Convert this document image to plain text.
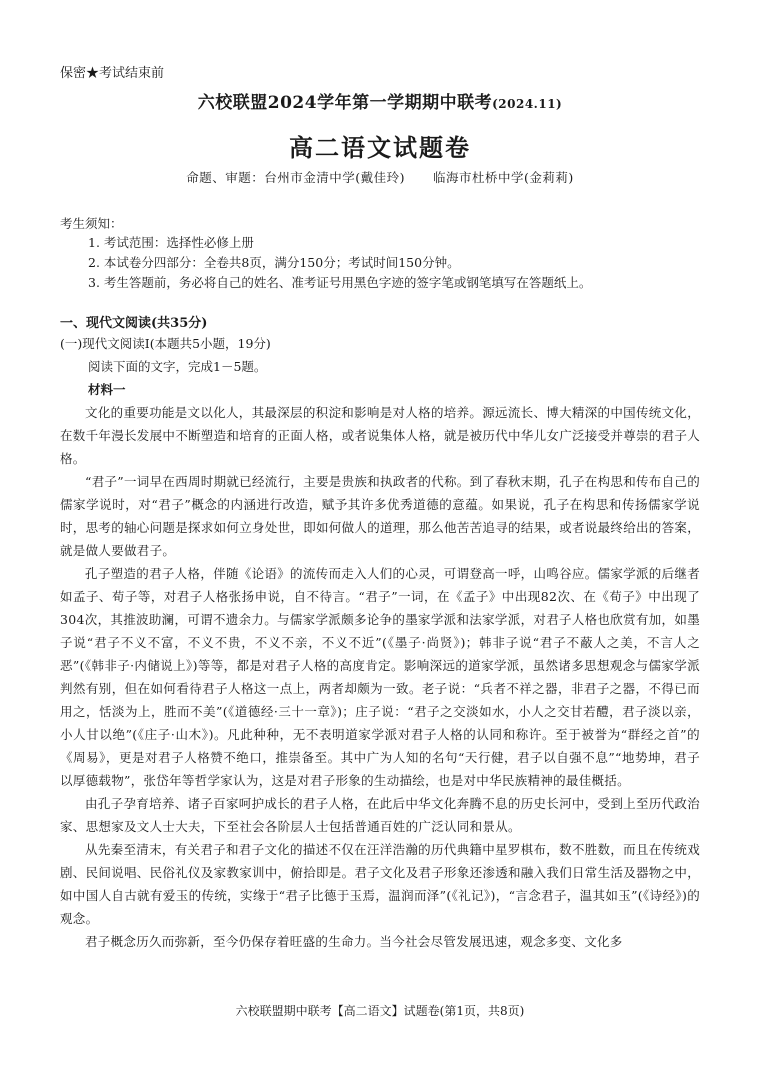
保密★考试结束前
六校联盟2024学年第一学期期中联考(2024.11)
高二语文试题卷
命题、审题：台州市金清中学(戴佳玲) 临海市杜桥中学(金莉莉)
考生须知：
1. 考试范围：选择性必修上册
2. 本试卷分四部分：全卷共8页，满分150分；考试时间150分钟。
3. 考生答题前，务必将自己的姓名、准考证号用黑色字迹的签字笔或钢笔填写在答题纸上。
一、现代文阅读(共35分)
(一)现代文阅读Ⅰ(本题共5小题，19分)
阅读下面的文字，完成1－5题。
材料一

文化的重要功能是文以化人，其最深层的积淀和影响是对人格的培养。源远流长、博大精深的中国传统文化，在数千年漫长发展中不断塑造和培育的正面人格，或者说集体人格，就是被历代中华儿女广泛接受并尊崇的君子人格。

“君子”一词早在西周时期就已经流行，主要是贵族和执政者的代称。到了春秋末期，孔子在构思和传布自己的儒家学说时，对“君子”概念的内涵进行改造，赋予其许多优秀道德的意蕴。如果说，孔子在构思和传扬儒家学说时，思考的轴心问题是探求如何立身处世，即如何做人的道理，那么他苦苦追寻的结果，或者说最终给出的答案，就是做人要做君子。

孔子塑造的君子人格，伴随《论语》的流传而走入人们的心灵，可谓登高一呼，山鸣谷应。儒家学派的后继者如孟子、荀子等，对君子人格张扬申说，自不待言。“君子”一词，在《孟子》中出现82次、在《荀子》中出现了304次，其推波助澜，可谓不遗余力。与儒家学派颇多论争的墨家学派和法家学派，对君子人格也欣赏有加，如墨子说“君子不义不富，不义不贵，不义不亲，不义不近”(《墨子·尚贤》)；韩非子说“君子不蔽人之美，不言人之恶”(《韩非子·内储说上》)等等，都是对君子人格的高度肯定。影响深远的道家学派，虽然诸多思想观念与儒家学派判然有别，但在如何看待君子人格这一点上，两者却颇为一致。老子说：“兵者不祥之器，非君子之器，不得已而用之，恬淡为上，胜而不美”(《道德经·三十一章》)；庄子说：“君子之交淡如水，小人之交甘若醴，君子淡以亲，小人甘以绝”(《庄子·山木》)。凡此种种，无不表明道家学派对君子人格的认同和称许。至于被誉为“群经之首”的《周易》，更是对君子人格赞不绝口，推崇备至。其中广为人知的名句“天行健，君子以自强不息”“地势坤，君子以厚德载物”，张岱年等哲学家认为，这是对君子形象的生动描绘，也是对中华民族精神的最佳概括。

由孔子孕育培养、诸子百家呵护成长的君子人格，在此后中华文化奔腾不息的历史长河中，受到上至历代政治家、思想家及文人士大夫，下至社会各阶层人士包括普通百姓的广泛认同和景从。

从先秦至清末，有关君子和君子文化的描述不仅在汪洋浩瀚的历代典籍中星罗棋布，数不胜数，而且在传统戏剧、民间说唱、民俗礼仪及家教家训中，俯拾即是。君子文化及君子形象还渗透和融入我们日常生活及器物之中，如中国人自古就有爱玉的传统，实缘于“君子比德于玉焉，温润而泽”(《礼记》)，“言念君子，温其如玉”(《诗经》)的观念。

君子概念历久而弥新，至今仍保存着旺盛的生命力。当今社会尽管发展迅速，观念多变、文化多

六校联盟期中联考【高二语文】试题卷(第1页，共8页)
